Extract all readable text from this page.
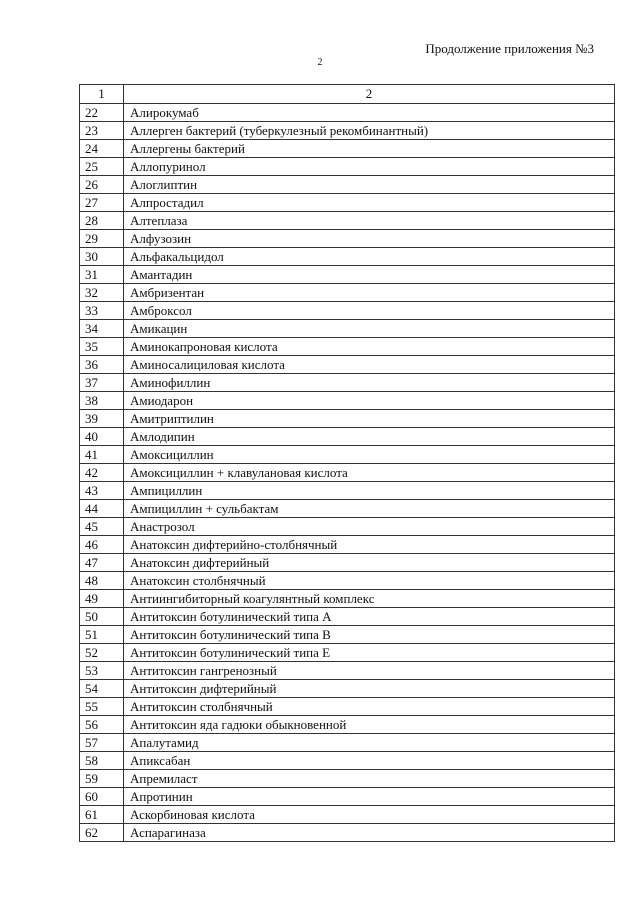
Продолжение приложения №3
2
1	2
22	Алирокумаб
23	Аллерген бактерий (туберкулезный рекомбинантный)
24	Аллергены бактерий
25	Аллопуринол
26	Алоглиптин
27	Алпростадил
28	Алтеплаза
29	Алфузозин
30	Альфакальцидол
31	Амантадин
32	Амбризентан
33	Амброксол
34	Амикацин
35	Аминокапроновая кислота
36	Аминосалициловая кислота
37	Аминофиллин
38	Амиодарон
39	Амитриптилин
40	Амлодипин
41	Амоксициллин
42	Амоксициллин + клавулановая кислота
43	Ампициллин
44	Ампициллин + сульбактам
45	Анастрозол
46	Анатоксин дифтерийно-столбнячный
47	Анатоксин дифтерийный
48	Анатоксин столбнячный
49	Антиингибиторный коагулянтный комплекс
50	Антитоксин ботулинический типа A
51	Антитоксин ботулинический типа B
52	Антитоксин ботулинический типа E
53	Антитоксин гангренозный
54	Антитоксин дифтерийный
55	Антитоксин столбнячный
56	Антитоксин яда гадюки обыкновенной
57	Апалутамид
58	Апиксабан
59	Апремиласт
60	Апротинин
61	Аскорбиновая кислота
62	Аспарагиназа
